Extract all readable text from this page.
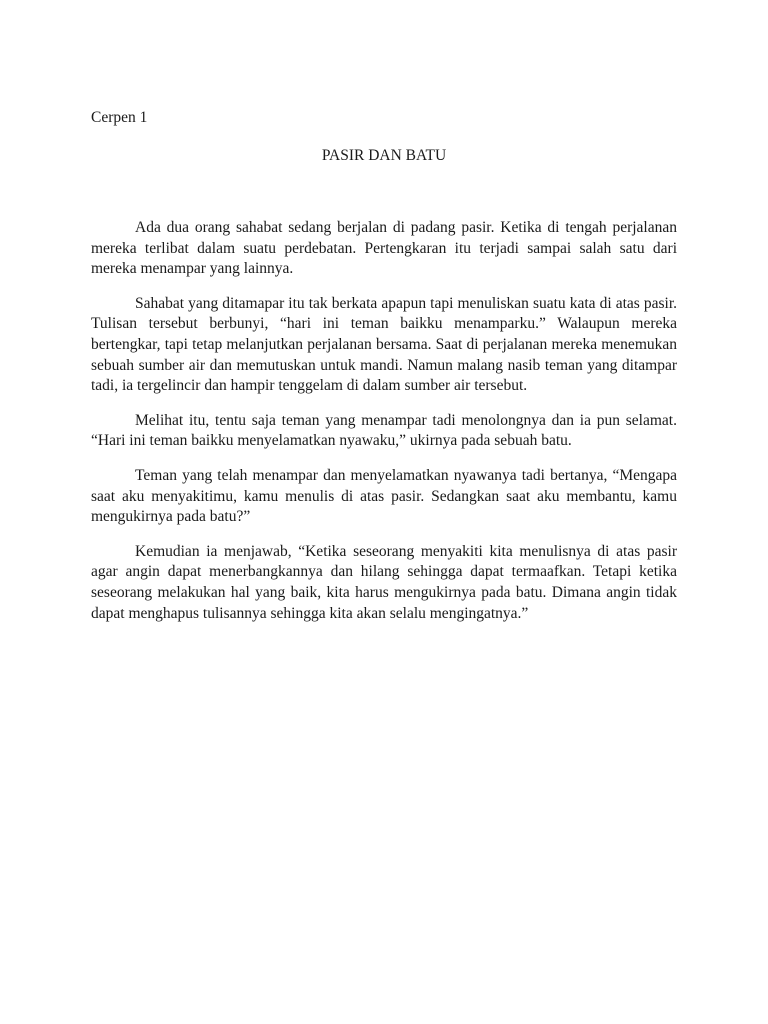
Cerpen 1
PASIR DAN BATU

Ada dua orang sahabat sedang berjalan di padang pasir. Ketika di tengah perjalanan mereka terlibat dalam suatu perdebatan. Pertengkaran itu terjadi sampai salah satu dari mereka menampar yang lainnya.

Sahabat yang ditamapar itu tak berkata apapun tapi menuliskan suatu kata di atas pasir. Tulisan tersebut berbunyi, “hari ini teman baikku menamparku.” Walaupun mereka bertengkar, tapi tetap melanjutkan perjalanan bersama. Saat di perjalanan mereka menemukan sebuah sumber air dan memutuskan untuk mandi. Namun malang nasib teman yang ditampar tadi, ia tergelincir dan hampir tenggelam di dalam sumber air tersebut.

Melihat itu, tentu saja teman yang menampar tadi menolongnya dan ia pun selamat. “Hari ini teman baikku menyelamatkan nyawaku,” ukirnya pada sebuah batu.

Teman yang telah menampar dan menyelamatkan nyawanya tadi bertanya, “Mengapa saat aku menyakitimu, kamu menulis di atas pasir. Sedangkan saat aku membantu, kamu mengukirnya pada batu?”

Kemudian ia menjawab, “Ketika seseorang menyakiti kita menulisnya di atas pasir agar angin dapat menerbangkannya dan hilang sehingga dapat termaafkan. Tetapi ketika seseorang melakukan hal yang baik, kita harus mengukirnya pada batu. Dimana angin tidak dapat menghapus tulisannya sehingga kita akan selalu mengingatnya.”
